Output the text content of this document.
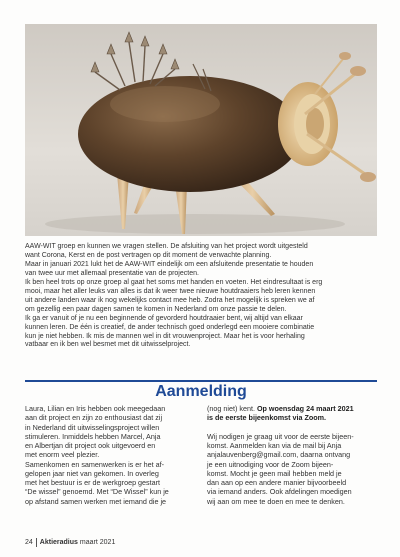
AAW-WIT groep en kunnen we vragen stellen. De afsluiting van het project wordt uitgesteld

want Corona, Kerst en de post vertragen op dit moment de verwachte planning.

Maar in januari 2021 lukt het de AAW-WIT eindelijk om een afsluitende presentatie te houden

van twee uur met allemaal presentatie van de projecten.

Ik ben heel trots op onze groep al gaat het soms met handen en voeten. Het eindresultaat is erg

mooi, maar het aller leuks van alles is dat ik weer twee nieuwe houtdraaiers heb leren kennen

uit andere landen waar ik nog wekelijks contact mee heb. Zodra het mogelijk is spreken we af

om gezellig een paar dagen samen te komen in Nederland om onze passie te delen.

Ik ga er vanuit of je nu een beginnende of gevorderd houtdraaier bent, wij altijd van elkaar

kunnen leren. De één is creatief, de ander technisch goed onderlegd een mooiere combinatie

kun je niet hebben. Ik mis de mannen wel in dit vrouwenproject. Maar het is voor herhaling

vatbaar en ik ben wel besmet met dit uitwisselproject.

Aanmelding

Laura, Lilian en Iris hebben ook meegedaan

aan dit project en zijn zo enthousiast dat zij

in Nederland dit uitwisselingsproject willen

stimuleren. Inmiddels hebben Marcel, Anja

en Albertjan dit project ook uitgevoerd en

met enorm veel plezier.

Samenkomen en samenwerken is er het af-

gelopen jaar niet van gekomen. In overleg

met het bestuur is er de werkgroep gestart

“De wissel” genoemd. Met “De Wissel” kun je

op afstand samen werken met iemand die je

(nog niet) kent. Op woensdag 24 maart 2021

is de eerste bijeenkomst via Zoom.

Wij nodigen je graag uit voor de eerste bijeen-

komst. Aanmelden kan via de mail bij Anja

anjalauvenberg@gmail.com, daarna ontvang

je een uitnodiging voor de Zoom bijeen-

komst. Mocht je geen mail hebben meld je

dan aan op een andere manier bijvoorbeeld

via iemand anders. Ook afdelingen moedigen

wij aan om mee te doen en mee te denken.

24 Aktieradius maart 2021
